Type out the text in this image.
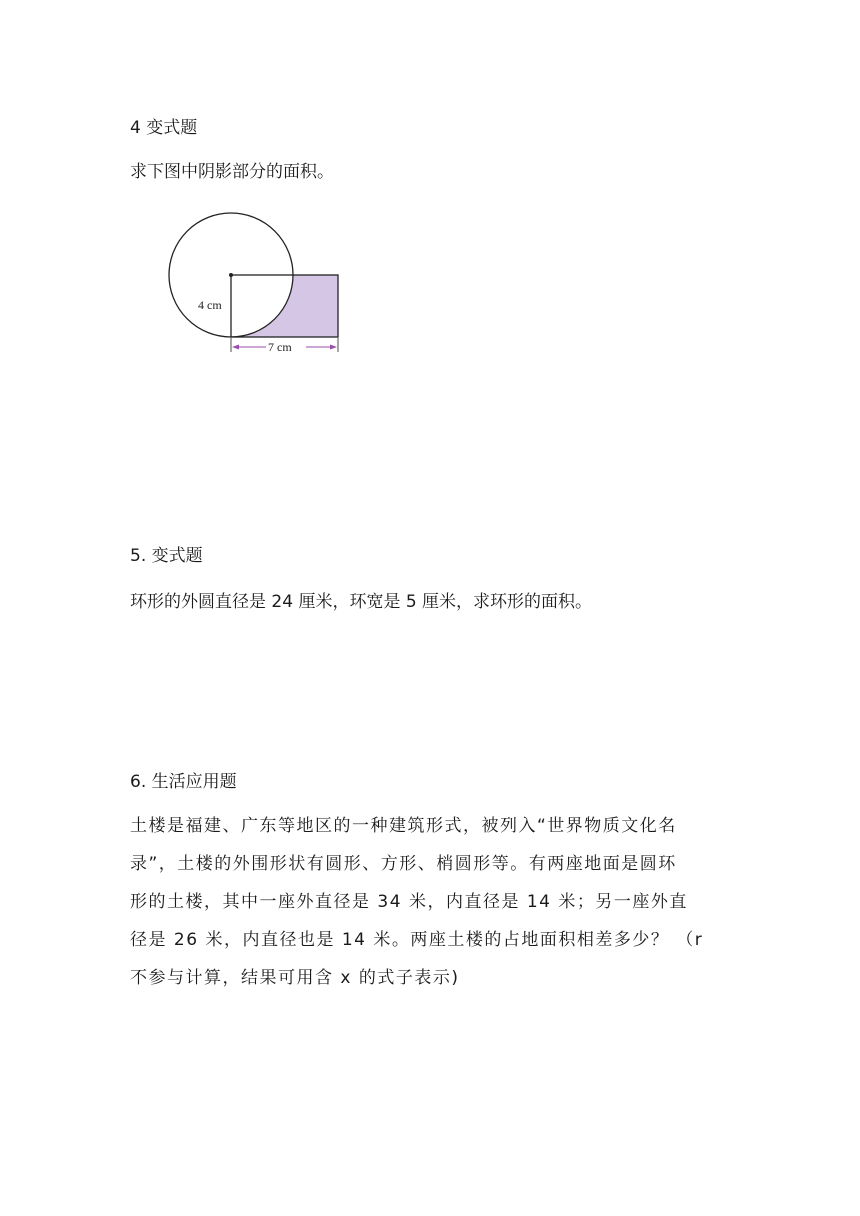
4 变式题
求下图中阴影部分的面积。
4 cm
7 cm
5. 变式题
环形的外圆直径是 24 厘米，环宽是 5 厘米，求环形的面积。
6. 生活应用题
土楼是福建、广东等地区的一种建筑形式，被列入“世界物质文化名
录”，土楼的外围形状有圆形、方形、梢圆形等。有两座地面是圆环
形的土楼，其中一座外直径是 34 米，内直径是 14 米；另一座外直
径是 26 米，内直径也是 14 米。两座土楼的占地面积相差多少？ （r
不参与计算，结果可用含 x 的式子表示)
